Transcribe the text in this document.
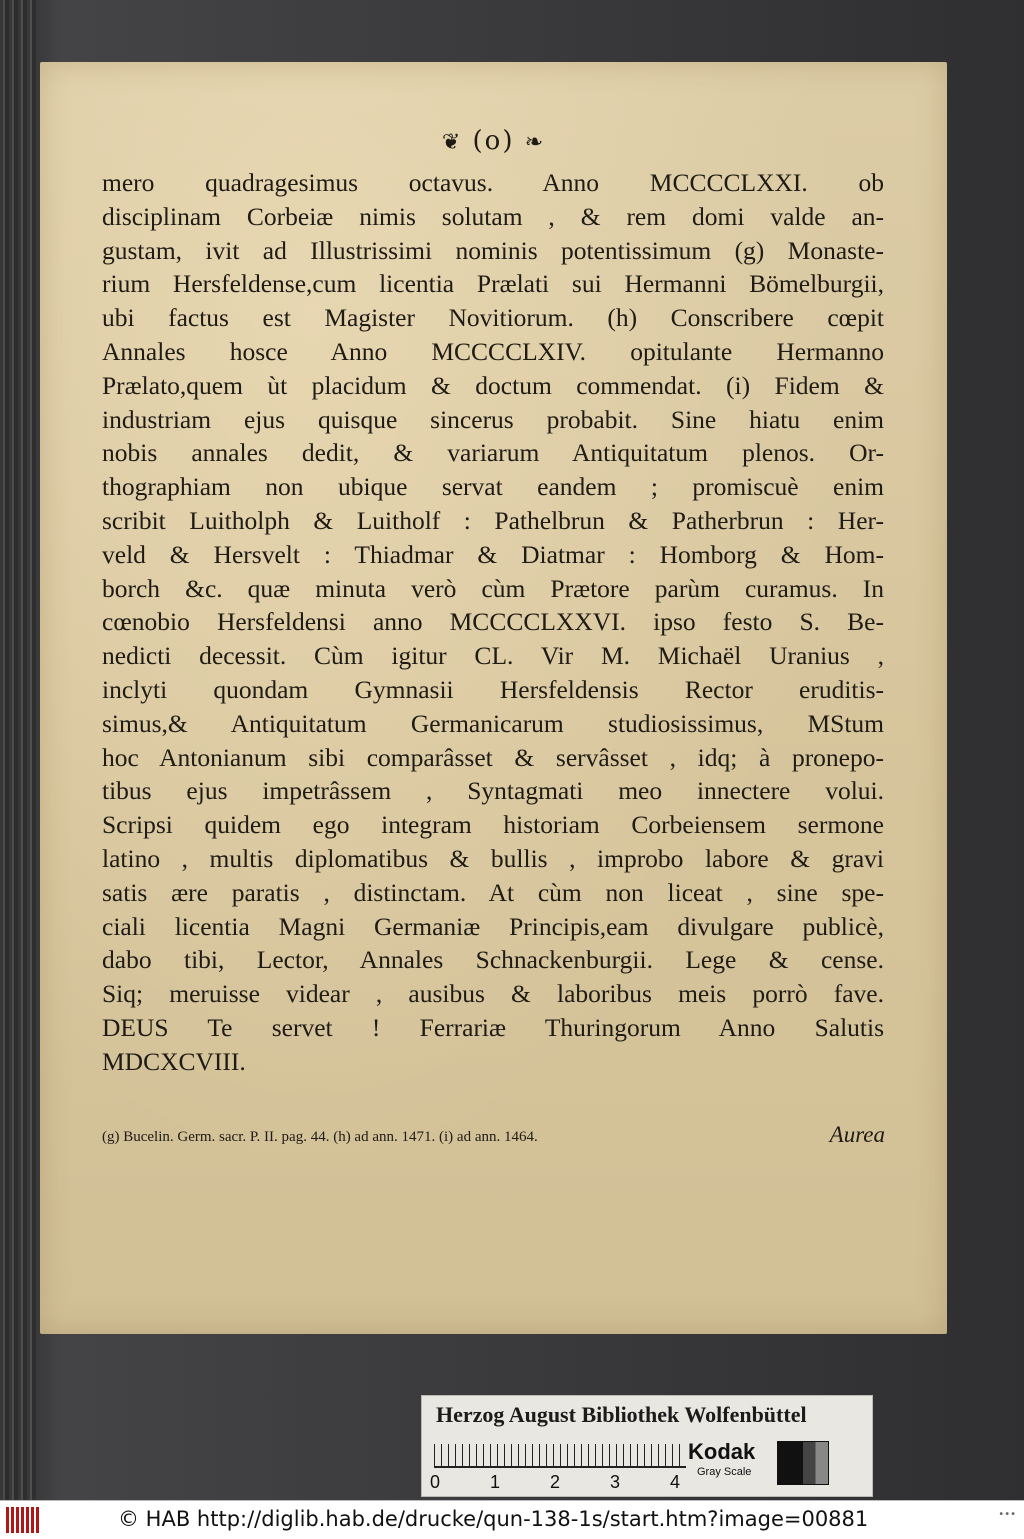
❦ (o) ❧
mero quadragesimus octavus. Anno MCCCCLXXI. ob
disciplinam Corbeiæ nimis solutam , & rem domi valde an-
gustam, ivit ad Illustrissimi nominis potentissimum (g) Monaste-
rium Hersfeldense,cum licentia Prælati sui Hermanni Bömelburgii,
ubi factus est Magister Novitiorum. (h) Conscribere cœpit
Annales hosce Anno MCCCCLXIV. opitulante Hermanno
Prælato,quem ùt placidum & doctum commendat. (i) Fidem &
industriam ejus quisque sincerus probabit. Sine hiatu enim
nobis annales dedit, & variarum Antiquitatum plenos. Or-
thographiam non ubique servat eandem ; promiscuè enim
scribit Luitholph & Luitholf : Pathelbrun & Patherbrun : Her-
veld & Hersvelt : Thiadmar & Diatmar : Homborg & Hom-
borch &c. quæ minuta verò cùm Prætore parùm curamus. In
cœnobio Hersfeldensi anno MCCCCLXXVI. ipso festo S. Be-
nedicti decessit. Cùm igitur CL. Vir M. Michaël Uranius ,
inclyti quondam Gymnasii Hersfeldensis Rector eruditis-
simus,& Antiquitatum Germanicarum studiosissimus, MStum
hoc Antonianum sibi comparâsset & servâsset , idq; à pronepo-
tibus ejus impetrâssem , Syntagmati meo innectere volui.
Scripsi quidem ego integram historiam Corbeiensem sermone
latino , multis diplomatibus & bullis , improbo labore & gravi
satis ære paratis , distinctam. At cùm non liceat , sine spe-
ciali licentia Magni Germaniæ Principis,eam divulgare publicè,
dabo tibi, Lector, Annales Schnackenburgii. Lege & cense.
Siq; meruisse videar , ausibus & laboribus meis porrò fave.
DEUS Te servet ! Ferrariæ Thuringorum Anno Salutis
MDCXCVIII.
(g) Bucelin. Germ. sacr. P. II. pag. 44. (h) ad ann. 1471. (i) ad ann. 1464.	Aurea
Herzog August Bibliothek Wolfenbüttel
0	1	2	3	4
Kodak
Gray Scale
© HAB http://diglib.hab.de/drucke/qun-138-1s/start.htm?image=00881	•••
